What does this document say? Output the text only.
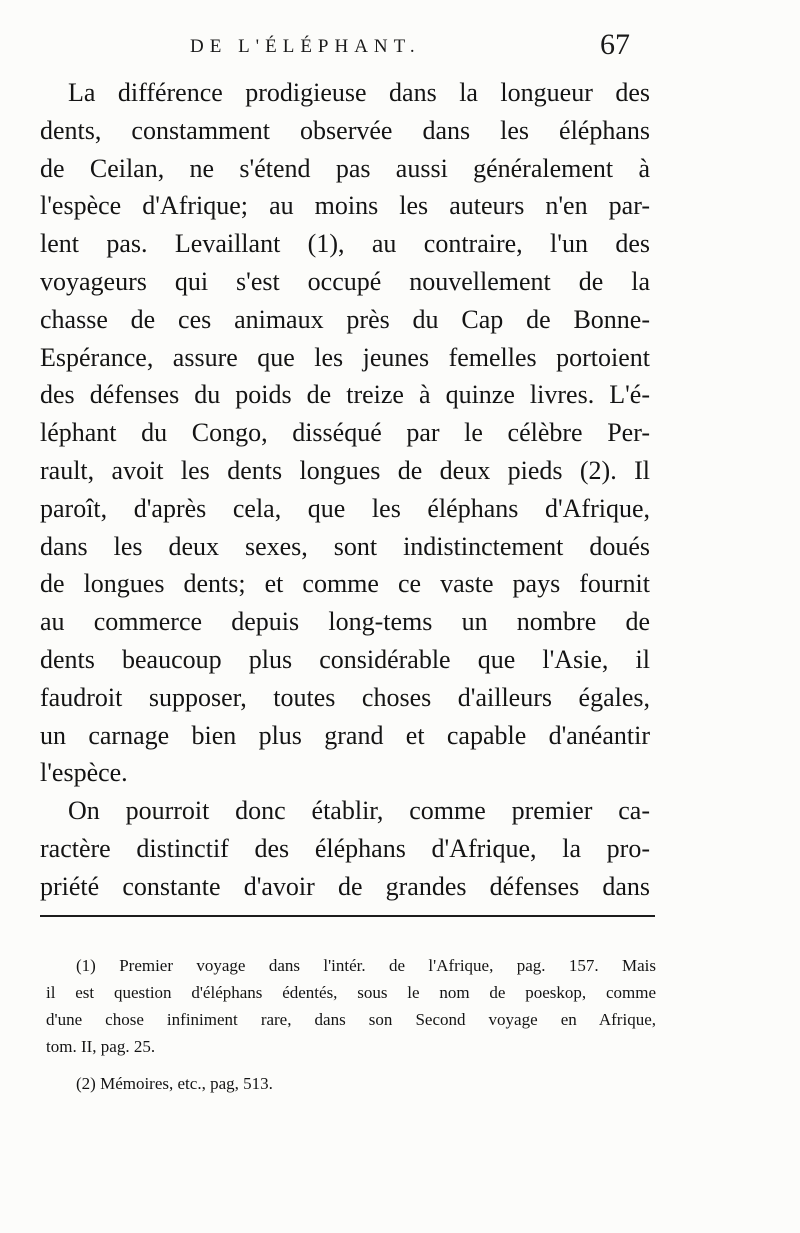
DE L'ÉLÉPHANT.	67
La différence prodigieuse dans la longueur des
dents, constamment observée dans les éléphans
de Ceilan, ne s'étend pas aussi généralement à
l'espèce d'Afrique; au moins les auteurs n'en par-
lent pas. Levaillant (1), au contraire, l'un des
voyageurs qui s'est occupé nouvellement de la
chasse de ces animaux près du Cap de Bonne-
Espérance, assure que les jeunes femelles portoient
des défenses du poids de treize à quinze livres. L'é-
léphant du Congo, disséqué par le célèbre Per-
rault, avoit les dents longues de deux pieds (2). Il
paroît, d'après cela, que les éléphans d'Afrique,
dans les deux sexes, sont indistinctement doués
de longues dents; et comme ce vaste pays fournit
au commerce depuis long-tems un nombre de
dents beaucoup plus considérable que l'Asie, il
faudroit supposer, toutes choses d'ailleurs égales,
un carnage bien plus grand et capable d'anéantir
l'espèce.
On pourroit donc établir, comme premier ca-
ractère distinctif des éléphans d'Afrique, la pro-
priété constante d'avoir de grandes défenses dans
(1) Premier voyage dans l'intér. de l'Afrique, pag. 157. Mais
il est question d'éléphans édentés, sous le nom de poeskop, comme
d'une chose infiniment rare, dans son Second voyage en Afrique,
tom. II, pag. 25.
(2) Mémoires, etc., pag, 513.
